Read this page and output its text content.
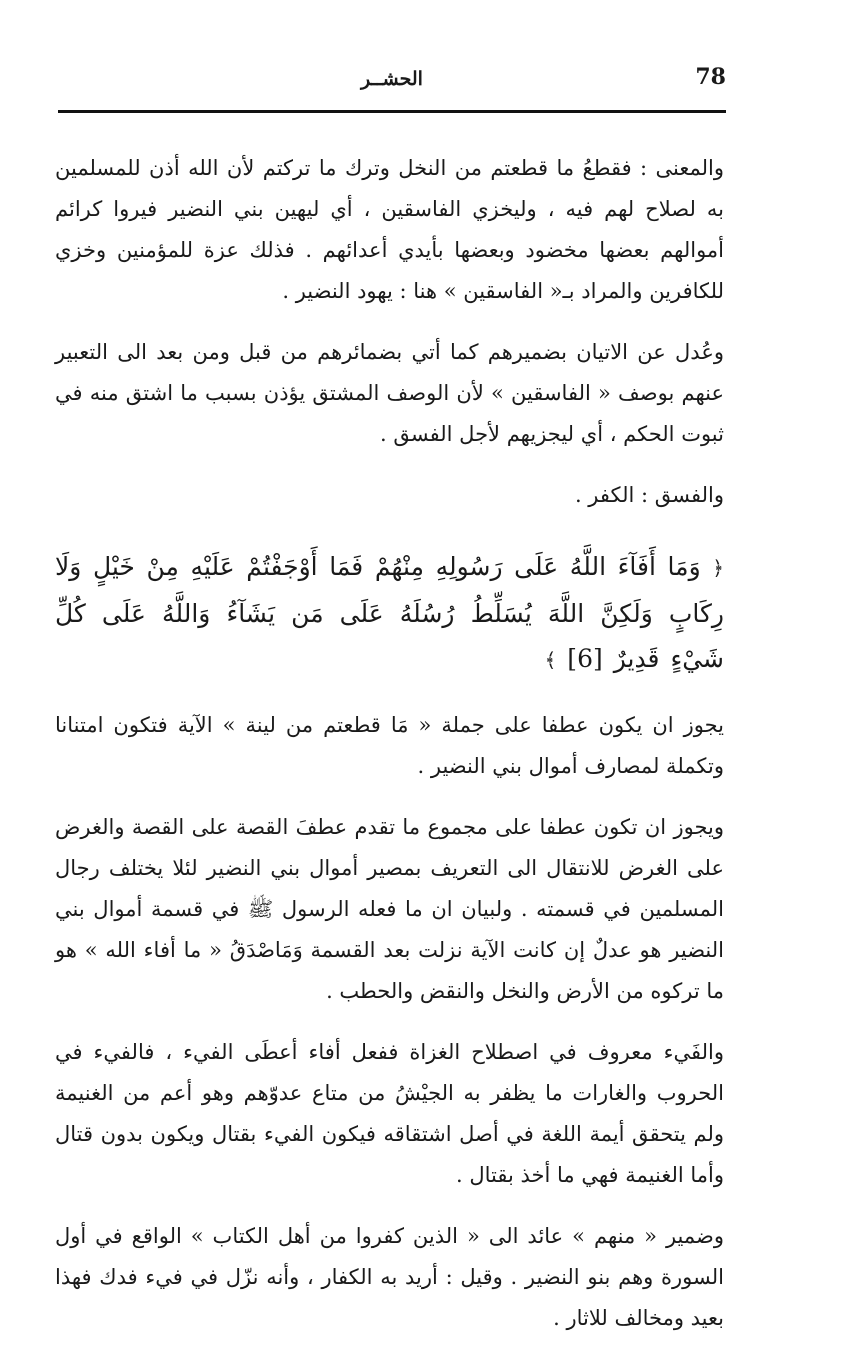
78
الحشــر

والمعنى : فقطعُ ما قطعتم من النخل وترك ما تركتم لأن الله أذن للمسلمين به لصلاح لهم فيه ، وليخزي الفاسقين ، أي ليهين بني النضير فيروا كرائم أموالهم بعضها مخضود وبعضها بأيدي أعدائهم . فذلك عزة للمؤمنين وخزي للكافرين والمراد بـ« الفاسقين » هنا : يهود النضير .

وعُدل عن الاتيان بضميرهم كما أتي بضمائرهم من قبل ومن بعد الى التعبير عنهم بوصف « الفاسقين » لأن الوصف المشتق يؤذن بسبب ما اشتق منه في ثبوت الحكم ، أي ليجزيهم لأجل الفسق .

والفسق : الكفر .

﴿ وَمَا أَفَآءَ اللَّهُ عَلَى رَسُولِهِ مِنْهُمْ فَمَا أَوْجَفْتُمْ عَلَيْهِ مِنْ خَيْلٍ وَلَا رِكَابٍ وَلَكِنَّ اللَّهَ يُسَلِّطُ رُسُلَهُ عَلَى مَن يَشَآءُ وَاللَّهُ عَلَى كُلِّ شَيْءٍ قَدِيرٌ [6] ﴾

يجوز ان يكون عطفا على جملة « مَا قطعتم من لينة » الآية فتكون امتنانا وتكملة لمصارف أموال بني النضير .

ويجوز ان تكون عطفا على مجموع ما تقدم عطفَ القصة على القصة والغرض على الغرض للانتقال الى التعريف بمصير أموال بني النضير لئلا يختلف رجال المسلمين في قسمته . ولبيان ان ما فعله الرسول ﷺ في قسمة أموال بني النضير هو عدلٌ إن كانت الآية نزلت بعد القسمة وَمَاصْدَقُ « ما أفاء الله » هو ما تركوه من الأرض والنخل والنقض والحطب .

والفَيء معروف في اصطلاح الغزاة ففعل أفاء أعطَى الفيء ، فالفيء في الحروب والغارات ما يظفر به الجيْشُ من متاع عدوّهم وهو أعم من الغنيمة ولم يتحقق أيمة اللغة في أصل اشتقاقه فيكون الفيء بقتال ويكون بدون قتال وأما الغنيمة فهي ما أخذ بقتال .

وضمير « منهم » عائد الى « الذين كفروا من أهل الكتاب » الواقع في أول السورة وهم بنو النضير . وقيل : أريد به الكفار ، وأنه نزّل في فيء فدك فهذا بعيد ومخالف للاثار .
